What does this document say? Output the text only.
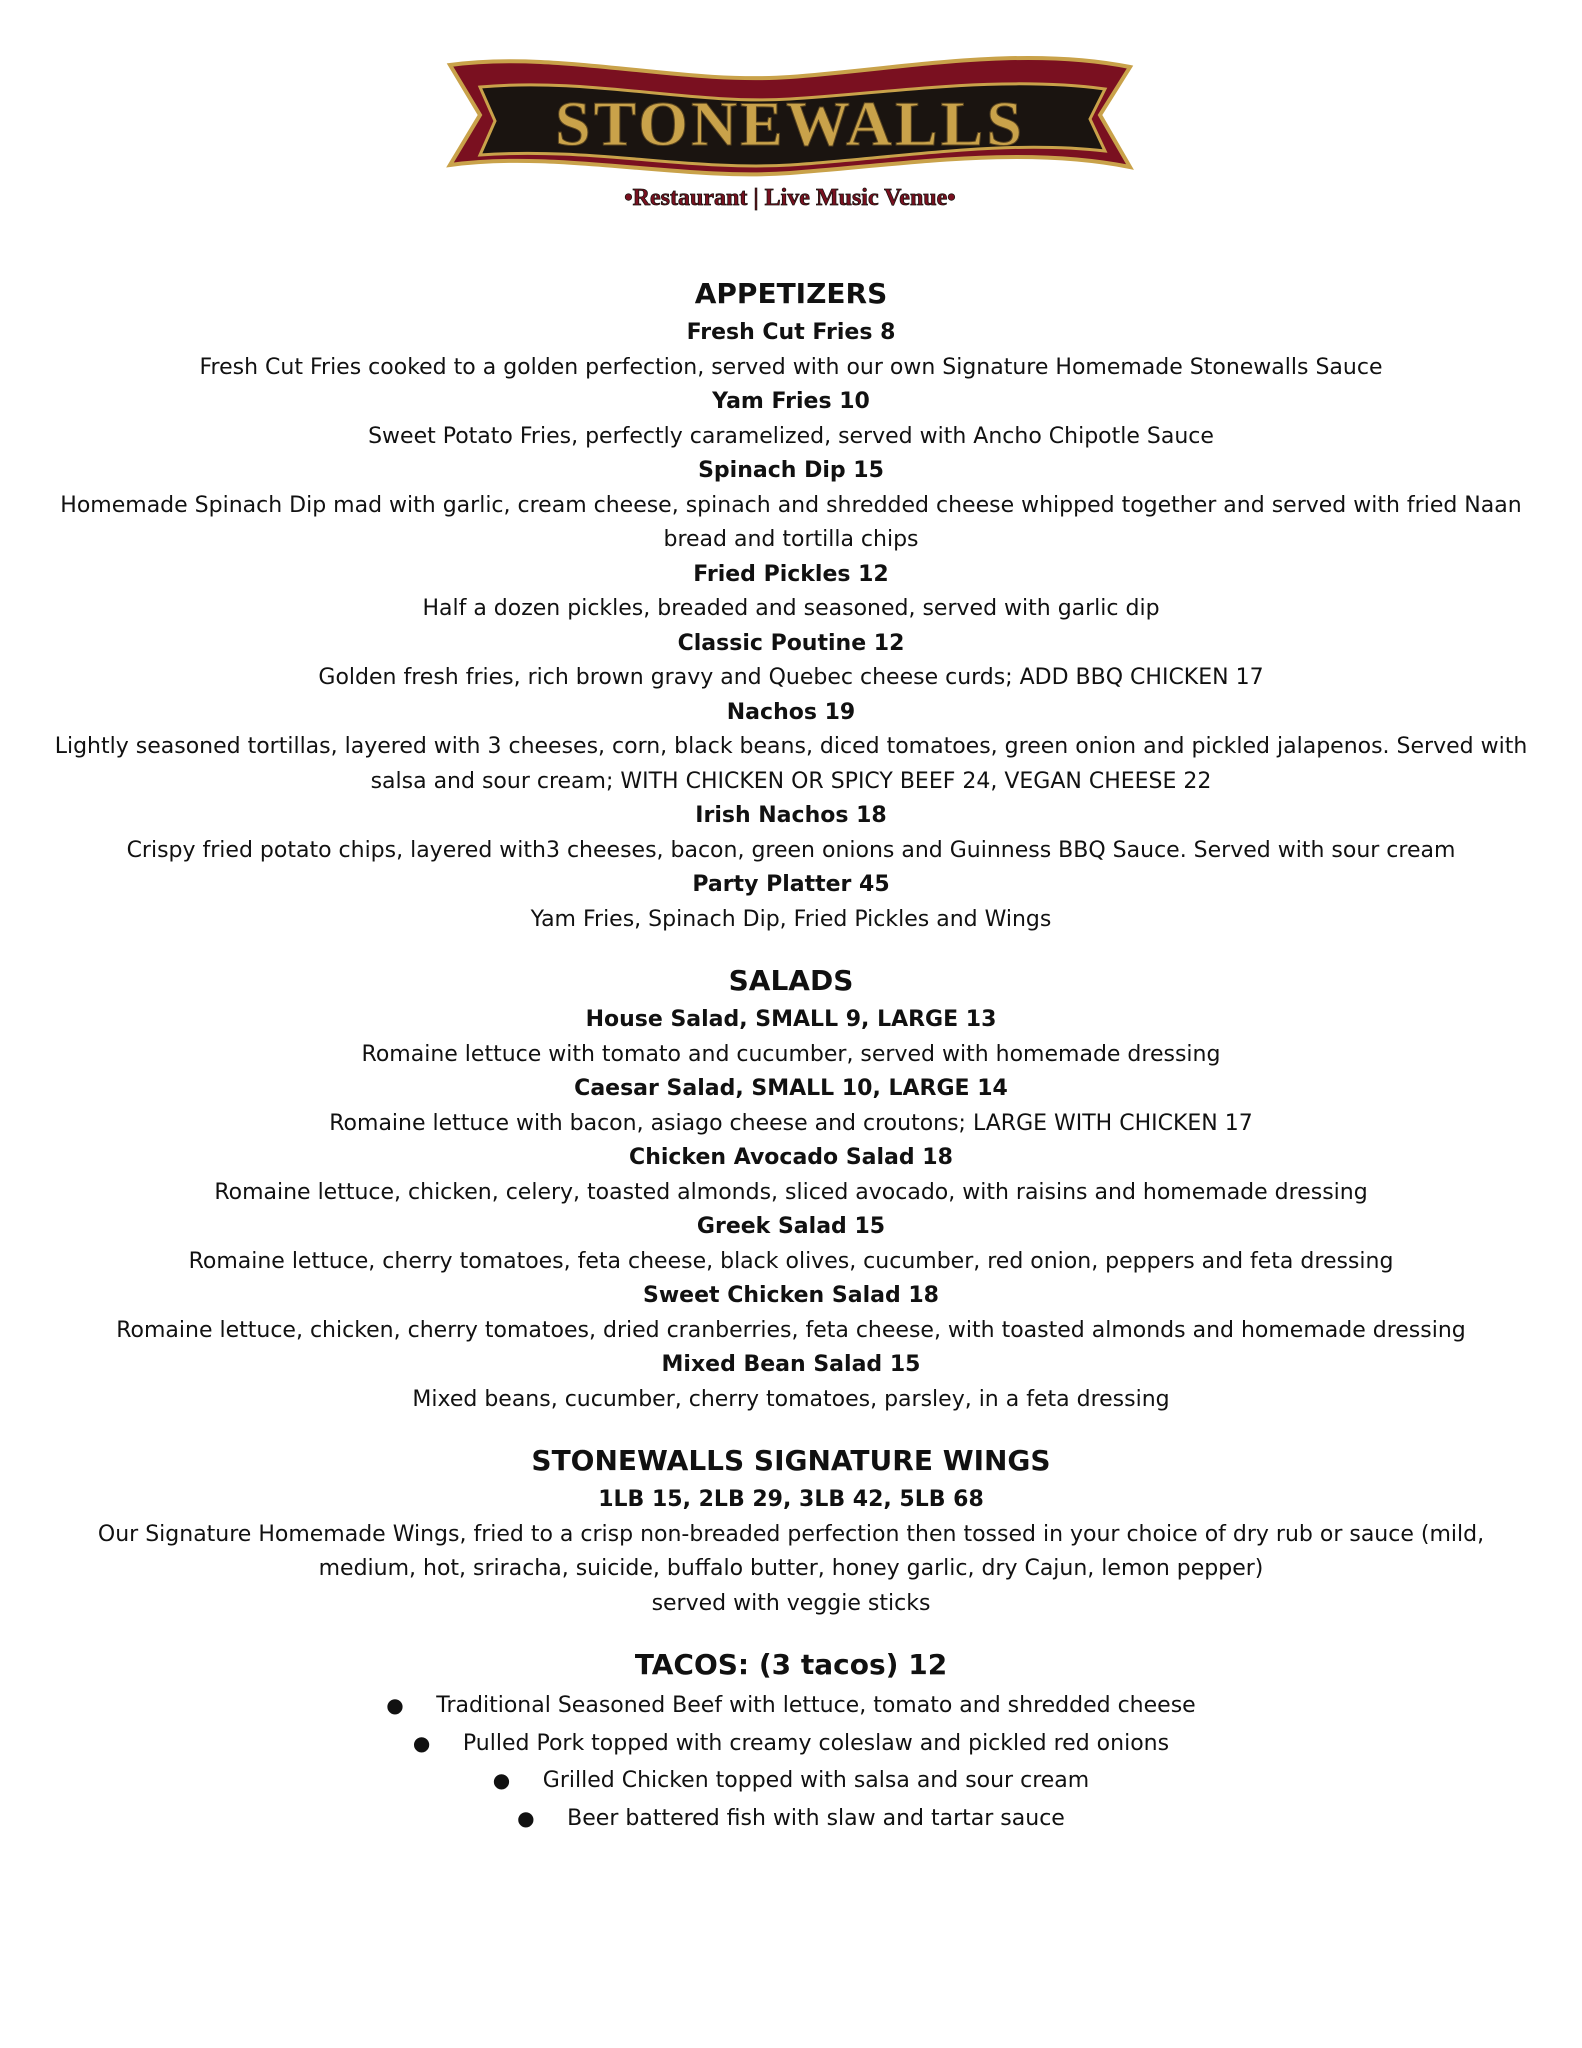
STONEWALLS
•Restaurant | Live Music Venue•
APPETIZERS

Fresh Cut Fries 8

Fresh Cut Fries cooked to a golden perfection, served with our own Signature Homemade Stonewalls Sauce

Yam Fries 10

Sweet Potato Fries, perfectly caramelized, served with Ancho Chipotle Sauce

Spinach Dip 15

Homemade Spinach Dip mad with garlic, cream cheese, spinach and shredded cheese whipped together and served with fried Naan bread and tortilla chips

Fried Pickles 12

Half a dozen pickles, breaded and seasoned, served with garlic dip

Classic Poutine 12

Golden fresh fries, rich brown gravy and Quebec cheese curds; ADD BBQ CHICKEN 17

Nachos 19

Lightly seasoned tortillas, layered with 3 cheeses, corn, black beans, diced tomatoes, green onion and pickled jalapenos. Served with salsa and sour cream; WITH CHICKEN OR SPICY BEEF 24, VEGAN CHEESE 22

Irish Nachos 18

Crispy fried potato chips, layered with3 cheeses, bacon, green onions and Guinness BBQ Sauce. Served with sour cream

Party Platter 45

Yam Fries, Spinach Dip, Fried Pickles and Wings

SALADS

House Salad, SMALL 9, LARGE 13

Romaine lettuce with tomato and cucumber, served with homemade dressing

Caesar Salad, SMALL 10, LARGE 14

Romaine lettuce with bacon, asiago cheese and croutons; LARGE WITH CHICKEN 17

Chicken Avocado Salad 18

Romaine lettuce, chicken, celery, toasted almonds, sliced avocado, with raisins and homemade dressing

Greek Salad 15

Romaine lettuce, cherry tomatoes, feta cheese, black olives, cucumber, red onion, peppers and feta dressing

Sweet Chicken Salad 18

Romaine lettuce, chicken, cherry tomatoes, dried cranberries, feta cheese, with toasted almonds and homemade dressing

Mixed Bean Salad 15

Mixed beans, cucumber, cherry tomatoes, parsley, in a feta dressing

STONEWALLS SIGNATURE WINGS

1LB 15, 2LB 29, 3LB 42, 5LB 68

Our Signature Homemade Wings, fried to a crisp non-breaded perfection then tossed in your choice of dry rub or sauce (mild, medium, hot, sriracha, suicide, buffalo butter, honey garlic, dry Cajun, lemon pepper)

served with veggie sticks

TACOS: (3 tacos) 12
● Traditional Seasoned Beef with lettuce, tomato and shredded cheese
● Pulled Pork topped with creamy coleslaw and pickled red onions
● Grilled Chicken topped with salsa and sour cream
● Beer battered fish with slaw and tartar sauce
